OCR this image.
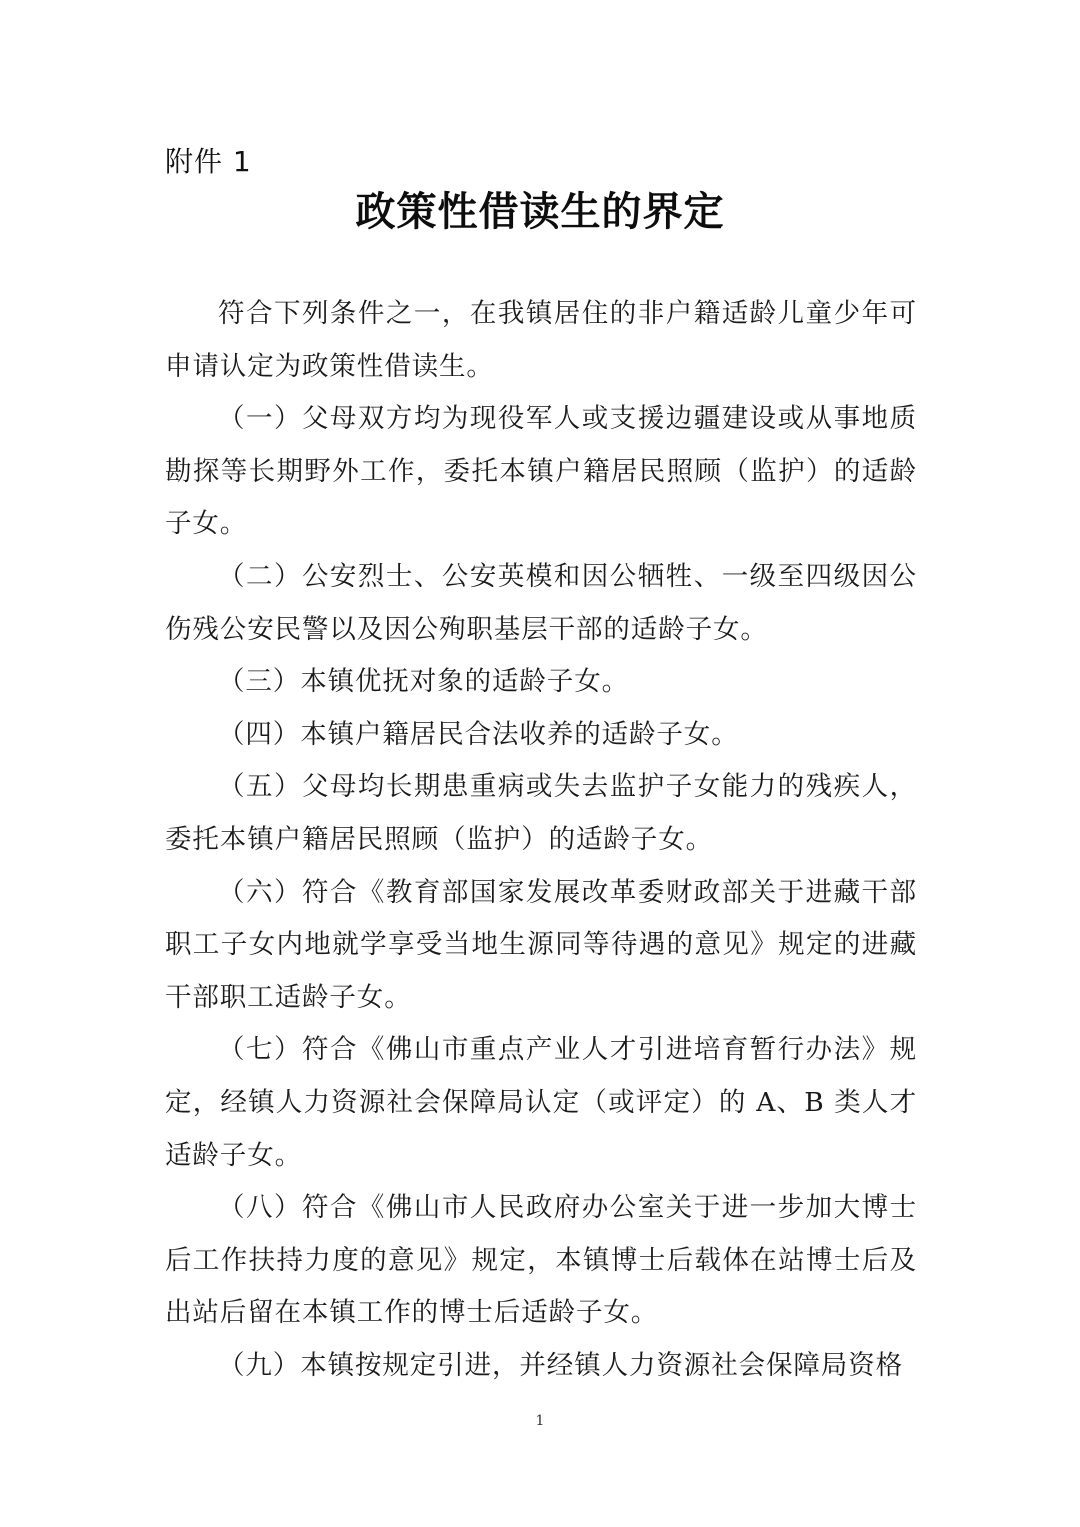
附件 1
政策性借读生的界定

符合下列条件之一，在我镇居住的非户籍适龄儿童少年可申请认定为政策性借读生。

（一）父母双方均为现役军人或支援边疆建设或从事地质勘探等长期野外工作，委托本镇户籍居民照顾（监护）的适龄子女。

（二）公安烈士、公安英模和因公牺牲、一级至四级因公伤残公安民警以及因公殉职基层干部的适龄子女。

（三）本镇优抚对象的适龄子女。

（四）本镇户籍居民合法收养的适龄子女。

（五）父母均长期患重病或失去监护子女能力的残疾人，委托本镇户籍居民照顾（监护）的适龄子女。

（六）符合《教育部国家发展改革委财政部关于进藏干部职工子女内地就学享受当地生源同等待遇的意见》规定的进藏干部职工适龄子女。

（七）符合《佛山市重点产业人才引进培育暂行办法》规定，经镇人力资源社会保障局认定（或评定）的 A、B 类人才适龄子女。

（八）符合《佛山市人民政府办公室关于进一步加大博士后工作扶持力度的意见》规定，本镇博士后载体在站博士后及出站后留在本镇工作的博士后适龄子女。

（九）本镇按规定引进，并经镇人力资源社会保障局资格

1
